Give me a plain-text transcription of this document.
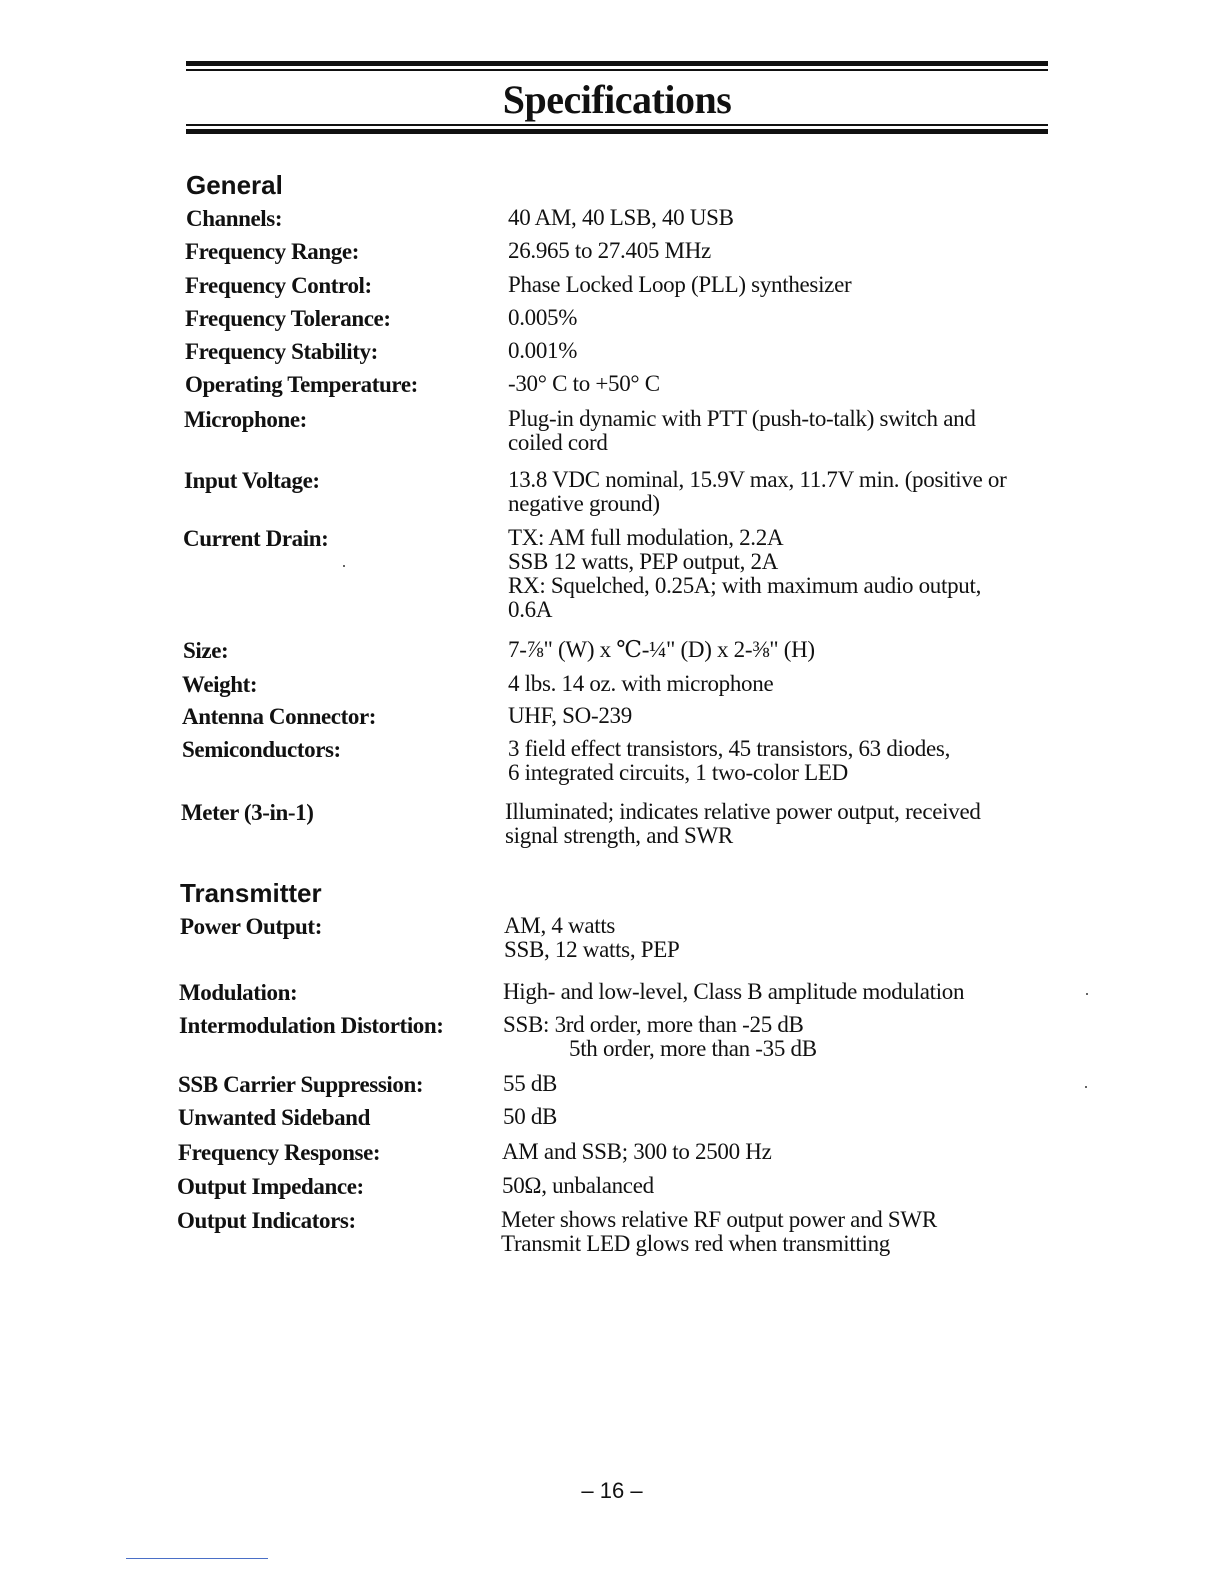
Specifications
General
Channels:	40 AM, 40 LSB, 40 USB
Frequency Range:	26.965 to 27.405 MHz
Frequency Control:	Phase Locked Loop (PLL) synthesizer
Frequency Tolerance:	0.005%
Frequency Stability:	0.001%
Operating Temperature:	-30° C to +50° C
Microphone:	Plug-in dynamic with PTT (push-to-talk) switch and
coiled cord
Input Voltage:	13.8 VDC nominal, 15.9V max, 11.7V min. (positive or
negative ground)
Current Drain:	TX: AM full modulation, 2.2A
SSB 12 watts, PEP output, 2A
RX: Squelched, 0.25A; with maximum audio output,
0.6A
Size:	7-⅞" (W) x ℃-¼" (D) x 2-⅜" (H)
Weight:	4 lbs. 14 oz. with microphone
Antenna Connector:	UHF, SO-239
Semiconductors:	3 field effect transistors, 45 transistors, 63 diodes,
6 integrated circuits, 1 two-color LED
Meter (3-in-1)	Illuminated; indicates relative power output, received
signal strength, and SWR
Transmitter
Power Output:	AM, 4 watts
SSB, 12 watts, PEP
Modulation:	High- and low-level, Class B amplitude modulation
Intermodulation Distortion:	SSB: 3rd order, more than -25 dB
5th order, more than -35 dB
SSB Carrier Suppression:	55 dB
Unwanted Sideband	50 dB
Frequency Response:	AM and SSB; 300 to 2500 Hz
Output Impedance:	50Ω, unbalanced
Output Indicators:	Meter shows relative RF output power and SWR
Transmit LED glows red when transmitting
– 16 –
